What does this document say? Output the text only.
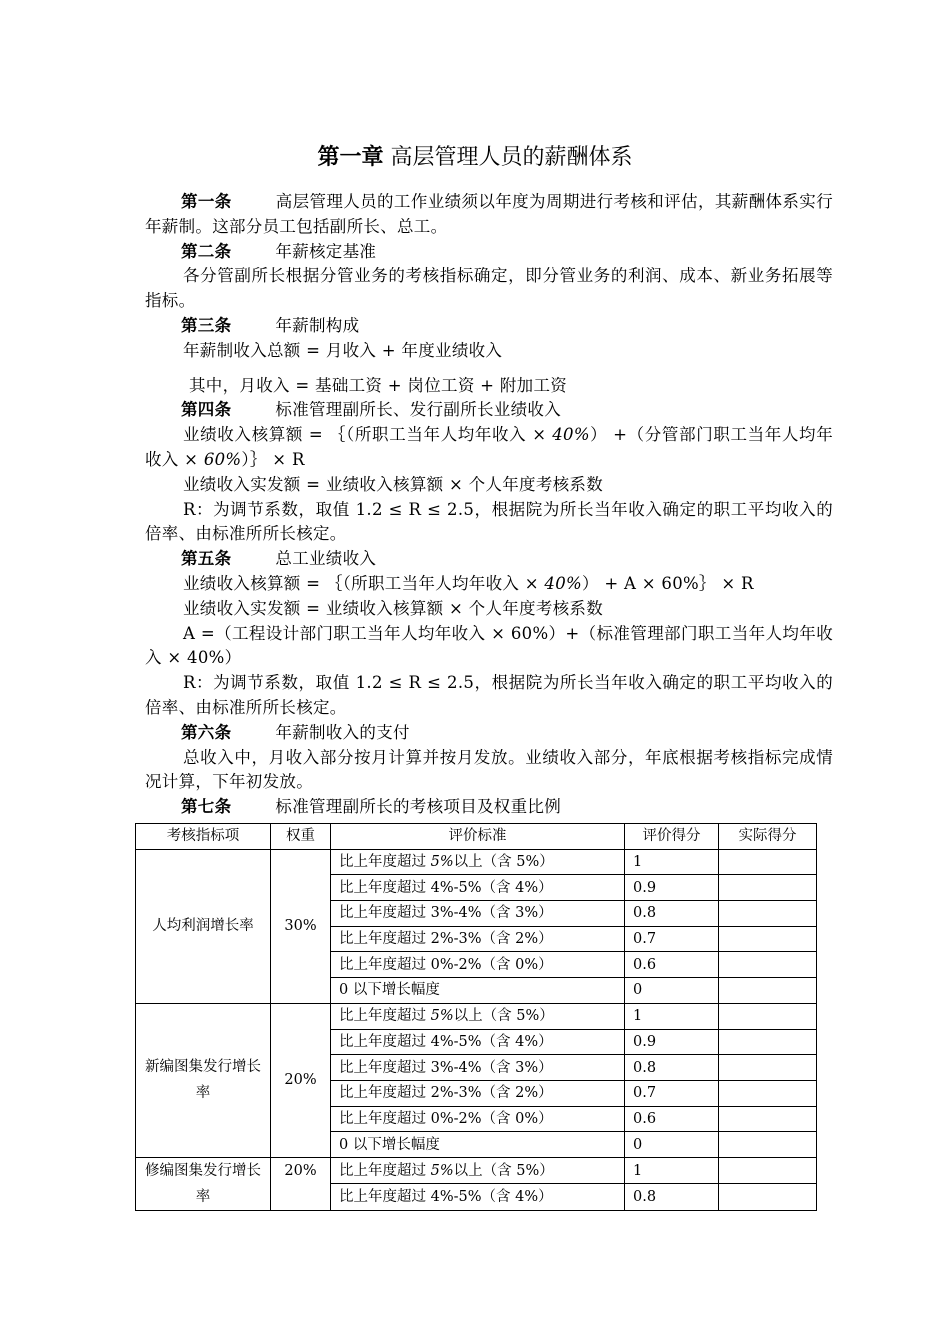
第一章 高层管理人员的薪酬体系

第一条	高层管理人员的工作业绩须以年度为周期进行考核和评估，其薪酬体系实行年薪制。这部分员工包括副所长、总工。

第二条	年薪核定基准

各分管副所长根据分管业务的考核指标确定，即分管业务的利润、成本、新业务拓展等指标。

第三条	年薪制构成

年薪制收入总额 = 月收入 + 年度业绩收入

其中，月收入 = 基础工资 + 岗位工资 + 附加工资

第四条	标准管理副所长、发行副所长业绩收入

业绩收入核算额 = ｛（所职工当年人均年收入 × 40%） +（分管部门职工当年人均年收入 × 60%）｝ × R

业绩收入实发额 = 业绩收入核算额 × 个人年度考核系数

R：为调节系数，取值 1.2 ≤ R ≤ 2.5，根据院为所长当年收入确定的职工平均收入的倍率、由标准所所长核定。

第五条	总工业绩收入

业绩收入核算额 = ｛（所职工当年人均年收入 × 40%） + A × 60%｝ × R

业绩收入实发额 = 业绩收入核算额 × 个人年度考核系数

A =（工程设计部门职工当年人均年收入 × 60%）+（标准管理部门职工当年人均年收入 × 40%）

R：为调节系数，取值 1.2 ≤ R ≤ 2.5，根据院为所长当年收入确定的职工平均收入的倍率、由标准所所长核定。

第六条	年薪制收入的支付

总收入中，月收入部分按月计算并按月发放。业绩收入部分，年底根据考核指标完成情况计算，下年初发放。

第七条	标准管理副所长的考核项目及权重比例

考核指标项	权重	评价标准	评价得分	实际得分
人均利润增长率	30%	比上年度超过 5%以上（含 5%）	1	
		比上年度超过 4%-5%（含 4%）	0.9	
		比上年度超过 3%-4%（含 3%）	0.8	
		比上年度超过 2%-3%（含 2%）	0.7	
		比上年度超过 0%-2%（含 0%）	0.6	
		0 以下增长幅度	0	
新编图集发行增长率	20%	比上年度超过 5%以上（含 5%）	1	
		比上年度超过 4%-5%（含 4%）	0.9	
		比上年度超过 3%-4%（含 3%）	0.8	
		比上年度超过 2%-3%（含 2%）	0.7	
		比上年度超过 0%-2%（含 0%）	0.6	
		0 以下增长幅度	0	
修编图集发行增长率	20%	比上年度超过 5%以上（含 5%）	1	
		比上年度超过 4%-5%（含 4%）	0.8	
